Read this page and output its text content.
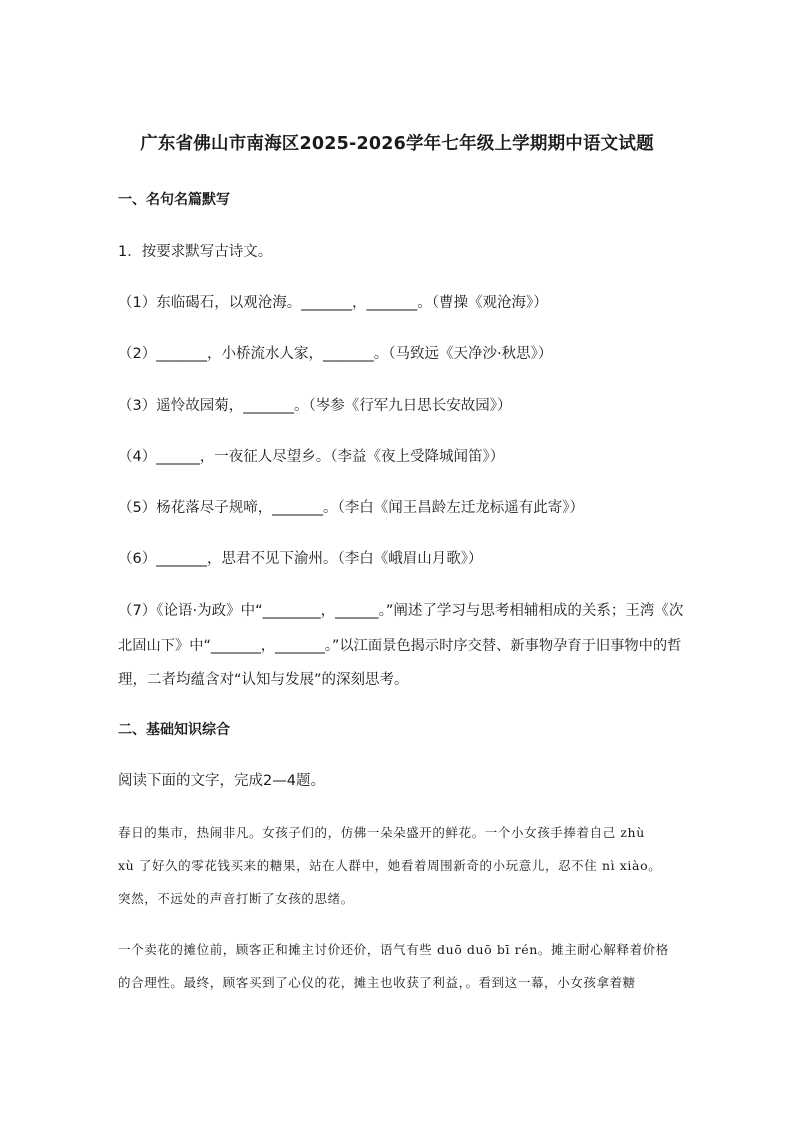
广东省佛山市南海区2025-2026学年七年级上学期期中语文试题
一、名句名篇默写
1．按要求默写古诗文。
（1）东临碣石，以观沧海。_______，_______。（曹操《观沧海》）
（2）_______，小桥流水人家，_______。（马致远《天净沙·秋思》）
（3）遥怜故园菊，_______。（岑参《行军九日思长安故园》）
（4）______，一夜征人尽望乡。（李益《夜上受降城闻笛》）
（5）杨花落尽子规啼，_______。（李白《闻王昌龄左迁龙标遥有此寄》）
（6）_______，思君不见下渝州。（李白《峨眉山月歌》）
（7）《论语·为政》中“________，______。”阐述了学习与思考相辅相成的关系；王湾《次
北固山下》中“_______，_______。”以江面景色揭示时序交替、新事物孕育于旧事物中的哲
理，二者均蕴含对“认知与发展”的深刻思考。
二、基础知识综合
阅读下面的文字，完成2—4题。
春日的集市，热闹非凡。女孩子们的，仿佛一朵朵盛开的鲜花。一个小女孩手捧着自己 zhù
xù 了好久的零花钱买来的糖果，站在人群中，她看着周围新奇的小玩意儿，忍不住 nì xiào。
突然，不远处的声音打断了女孩的思绪。
一个卖花的摊位前，顾客正和摊主讨价还价，语气有些 duō duō bī rén。摊主耐心解释着价格
的合理性。最终，顾客买到了心仪的花，摊主也收获了利益，。看到这一幕，小女孩拿着糖
